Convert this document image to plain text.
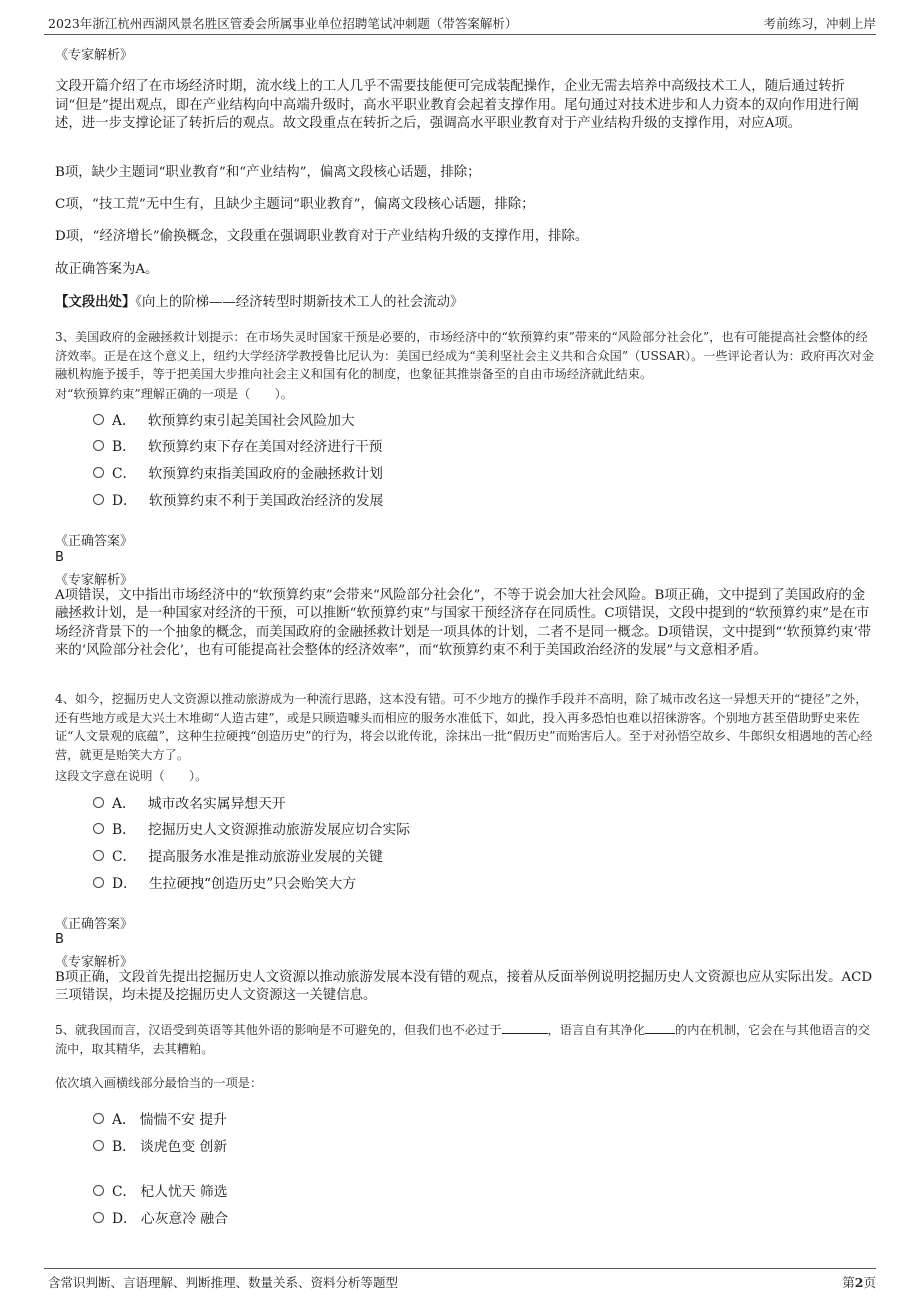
2023年浙江杭州西湖风景名胜区管委会所属事业单位招聘笔试冲刺题（带答案解析）	考前练习，冲刺上岸
《专家解析》

文段开篇介绍了在市场经济时期，流水线上的工人几乎不需要技能便可完成装配操作，企业无需去培养中高级技术工人，随后通过转折词“但是”提出观点，即在产业结构向中高端升级时，高水平职业教育会起着支撑作用。尾句通过对技术进步和人力资本的双向作用进行阐述，进一步支撑论证了转折后的观点。故文段重点在转折之后，强调高水平职业教育对于产业结构升级的支撑作用，对应A项。

B项，缺少主题词“职业教育”和“产业结构”，偏离文段核心话题，排除；

C项，“技工荒”无中生有，且缺少主题词“职业教育”，偏离文段核心话题，排除；

D项，“经济增长”偷换概念，文段重在强调职业教育对于产业结构升级的支撑作用，排除。

故正确答案为A。

【文段出处】《向上的阶梯——经济转型时期新技术工人的社会流动》

3、美国政府的金融拯救计划提示：在市场失灵时国家干预是必要的，市场经济中的“软预算约束”带来的“风险部分社会化”，也有可能提高社会整体的经济效率。正是在这个意义上，纽约大学经济学教授鲁比尼认为：美国已经成为“美利坚社会主义共和合众国”（USSAR）。一些评论者认为：政府再次对金融机构施予援手，等于把美国大步推向社会主义和国有化的制度，也象征其推崇备至的自由市场经济就此结束。

对“软预算约束”理解正确的一项是（　　）。

A． 软预算约束引起美国社会风险加大
B． 软预算约束下存在美国对经济进行干预
C． 软预算约束指美国政府的金融拯救计划
D． 软预算约束不利于美国政治经济的发展
《正确答案》
B
《专家解析》

A项错误，文中指出市场经济中的“软预算约束”会带来“风险部分社会化”，不等于说会加大社会风险。B项正确，文中提到了美国政府的金融拯救计划，是一种国家对经济的干预，可以推断“软预算约束”与国家干预经济存在同质性。C项错误，文段中提到的“软预算约束”是在市场经济背景下的一个抽象的概念，而美国政府的金融拯救计划是一项具体的计划，二者不是同一概念。D项错误，文中提到“‘软预算约束’带来的‘风险部分社会化’，也有可能提高社会整体的经济效率”，而“软预算约束不利于美国政治经济的发展”与文意相矛盾。

4、如今，挖掘历史人文资源以推动旅游成为一种流行思路，这本没有错。可不少地方的操作手段并不高明，除了城市改名这一异想天开的“捷径”之外，还有些地方或是大兴土木堆砌“人造古建”，或是只顾造噱头而相应的服务水准低下，如此，投入再多恐怕也难以招徕游客。个别地方甚至借助野史来佐证“人文景观的底蕴”，这种生拉硬拽“创造历史”的行为，将会以讹传讹，涂抹出一批“假历史”而贻害后人。至于对孙悟空故乡、牛郎织女相遇地的苦心经营，就更是贻笑大方了。

这段文字意在说明（　　）。

A． 城市改名实属异想天开
B． 挖掘历史人文资源推动旅游发展应切合实际
C． 提高服务水准是推动旅游业发展的关键
D． 生拉硬拽“创造历史”只会贻笑大方
《正确答案》
B
《专家解析》

B项正确，文段首先提出挖掘历史人文资源以推动旅游发展本没有错的观点，接着从反面举例说明挖掘历史人文资源也应从实际出发。ACD三项错误，均未提及挖掘历史人文资源这一关键信息。

5、就我国而言，汉语受到英语等其他外语的影响是不可避免的，但我们也不必过于	，语言自有其净化 的内在机制，它会在与其他语言的交流中，取其精华，去其糟粕。

依次填入画横线部分最恰当的一项是：

A． 惴惴不安 提升
B． 谈虎色变 创新
C． 杞人忧天 筛选
D． 心灰意冷 融合
含常识判断、言语理解、判断推理、数量关系、资料分析等题型	第2页
